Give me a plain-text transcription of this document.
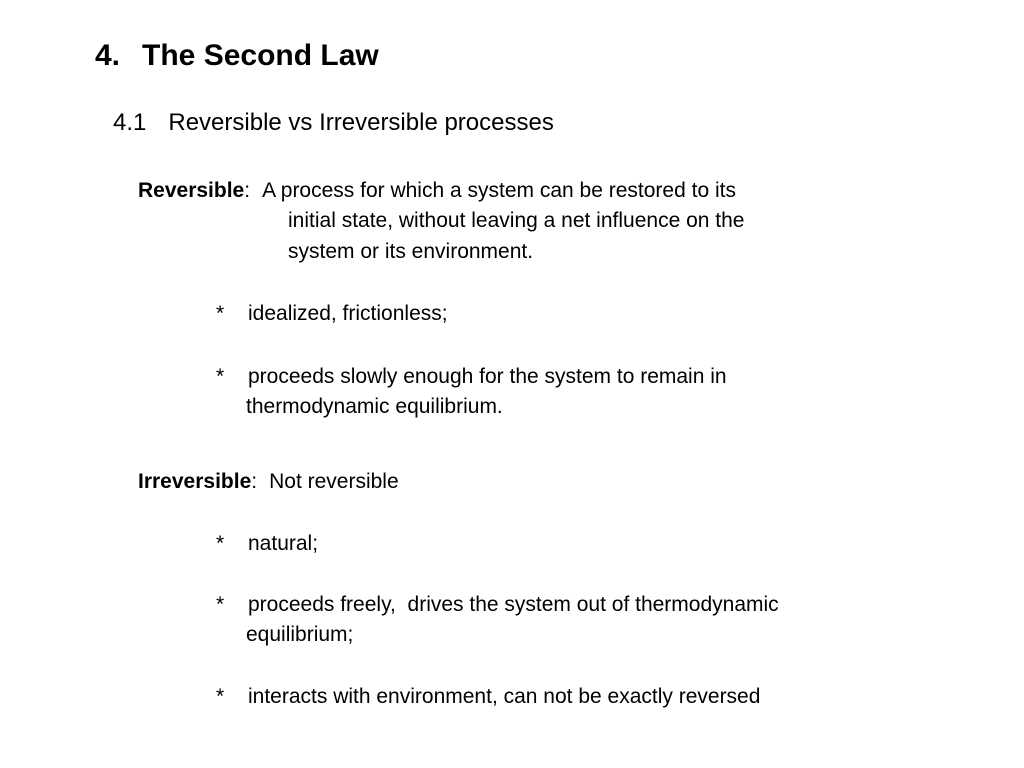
4. The Second Law
4.1 Reversible vs Irreversible processes
Reversible: A process for which a system can be restored to its
initial state, without leaving a net influence on the
system or its environment.
* idealized, frictionless;
* proceeds slowly enough for the system to remain in
thermodynamic equilibrium.
Irreversible: Not reversible
* natural;
* proceeds freely,  drives the system out of thermodynamic
equilibrium;
* interacts with environment, can not be exactly reversed
